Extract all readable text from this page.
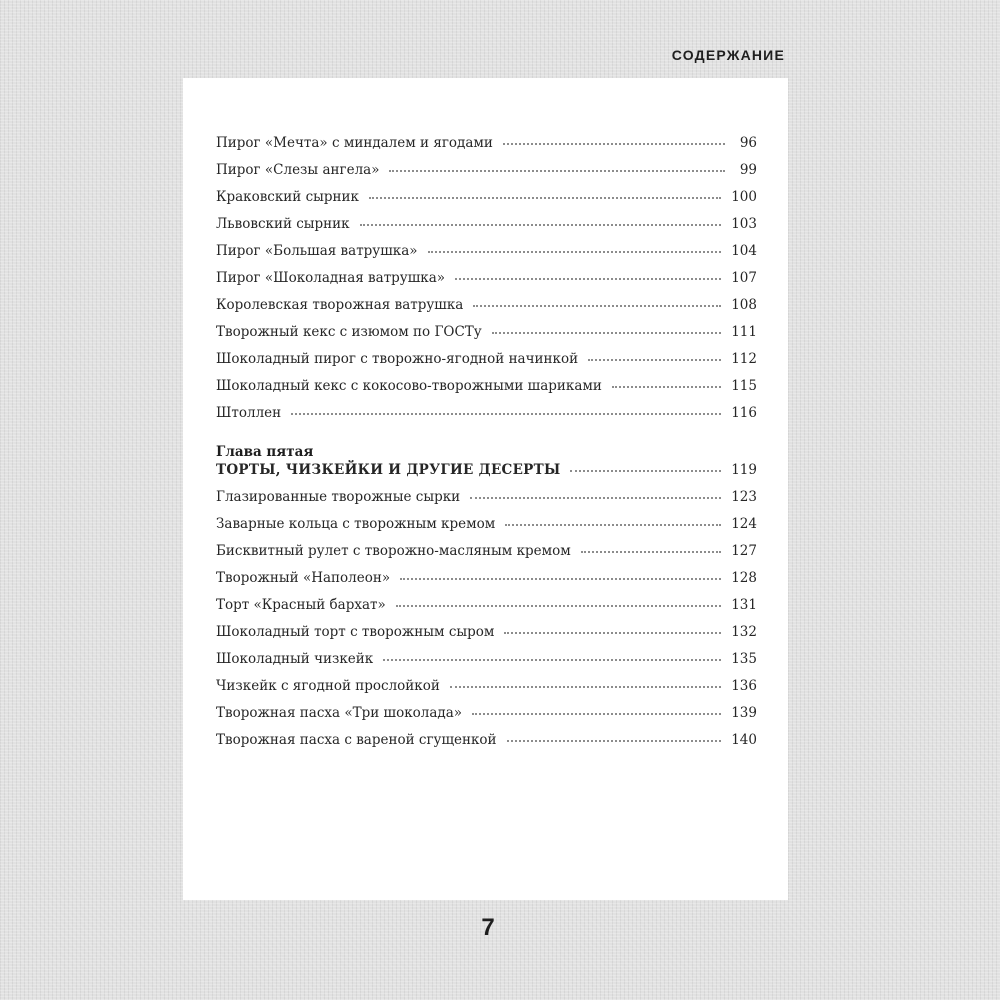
СОДЕРЖАНИЕ
Пирог «Мечта» с миндалем и ягодами	96
Пирог «Слезы ангела»	99
Краковский сырник	100
Львовский сырник	103
Пирог «Большая ватрушка»	104
Пирог «Шоколадная ватрушка»	107
Королевская творожная ватрушка	108
Творожный кекс с изюмом по ГОСТу	111
Шоколадный пирог с творожно-ягодной начинкой	112
Шоколадный кекс с кокосово-творожными шариками	115
Штоллен	116
Глава пятая
ТОРТЫ, ЧИЗКЕЙКИ И ДРУГИЕ ДЕСЕРТЫ	119
Глазированные творожные сырки	123
Заварные кольца с творожным кремом	124
Бисквитный рулет с творожно-масляным кремом	127
Творожный «Наполеон»	128
Торт «Красный бархат»	131
Шоколадный торт с творожным сыром	132
Шоколадный чизкейк	135
Чизкейк с ягодной прослойкой	136
Творожная пасха «Три шоколада»	139
Творожная пасха с вареной сгущенкой	140
7
